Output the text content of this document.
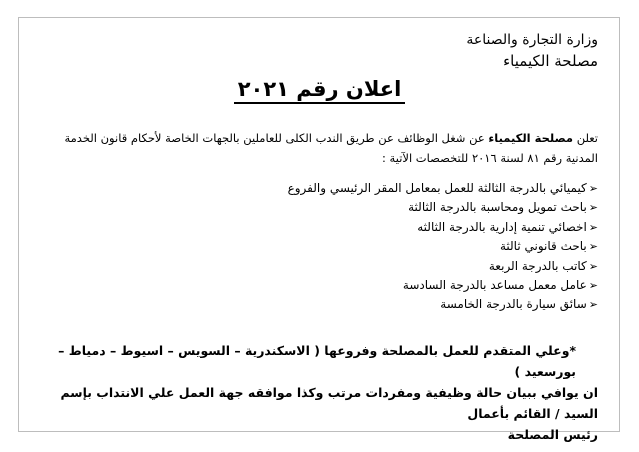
وزارة التجارة والصناعة
مصلحة الكيمياء
اعلان رقم ٢٠٢١
تعلن مصلحة الكيمياء عن شغل الوظائف عن طريق الندب الكلى للعاملين بالجهات الخاصة لأحكام قانون الخدمة
المدنية رقم ٨١ لسنة ٢٠١٦ للتخصصات الآتية :
➢كيميائي بالدرجة الثالثة للعمل بمعامل المقر الرئيسي والفروع
➢باحث تمويل ومحاسبة بالدرجة الثالثة
➢اخصائي تنمية إدارية بالدرجة الثالثه
➢باحث قانوني ثالثة
➢كاتب بالدرجة الربعة
➢عامل معمل مساعد بالدرجة السادسة
➢سائق سيارة بالدرجة الخامسة
*وعلي المتقدم للعمل بالمصلحة وفروعها ( الاسكندرية – السويس – اسيوط – دمياط – بورسعيد )
ان يوافي ببيان حالة وظيفية ومفردات مرتب وكذا موافقه جهة العمل علي الانتداب بإسم السيد / القائم بأعمال
رئيس المصلحة
